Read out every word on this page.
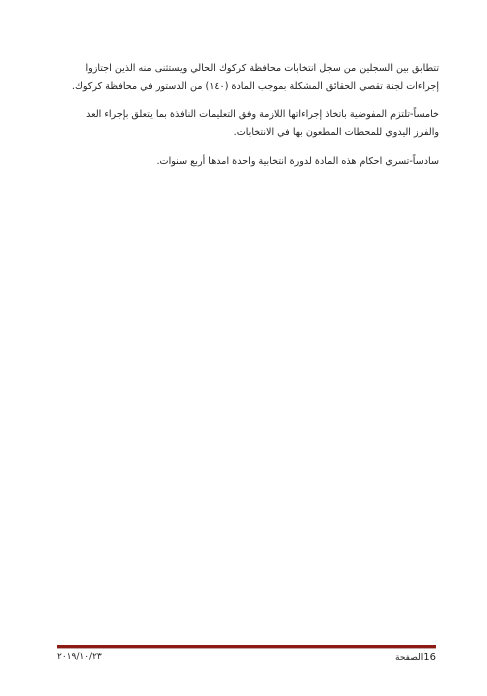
تتطابق بين السجلين من سجل انتخابات محافظة كركوك الحالي ويستثنى منه الذين اجتازوا إجراءات لجنة تقصي الحقائق المشكلة بموجب المادة (١٤٠) من الدستور في محافظة كركوك.

خامساً-تلتزم المفوضية باتخاذ إجراءاتها اللازمة وفق التعليمات النافذة بما يتعلق بإجراء العد والفرز اليدوي للمحطات المطعون بها في الانتخابات.

سادساً-تسري احكام هذه المادة لدورة انتخابية واحدة امدها أربع سنوات.

٢٠١٩/١٠/٢٣	16الصفحة
